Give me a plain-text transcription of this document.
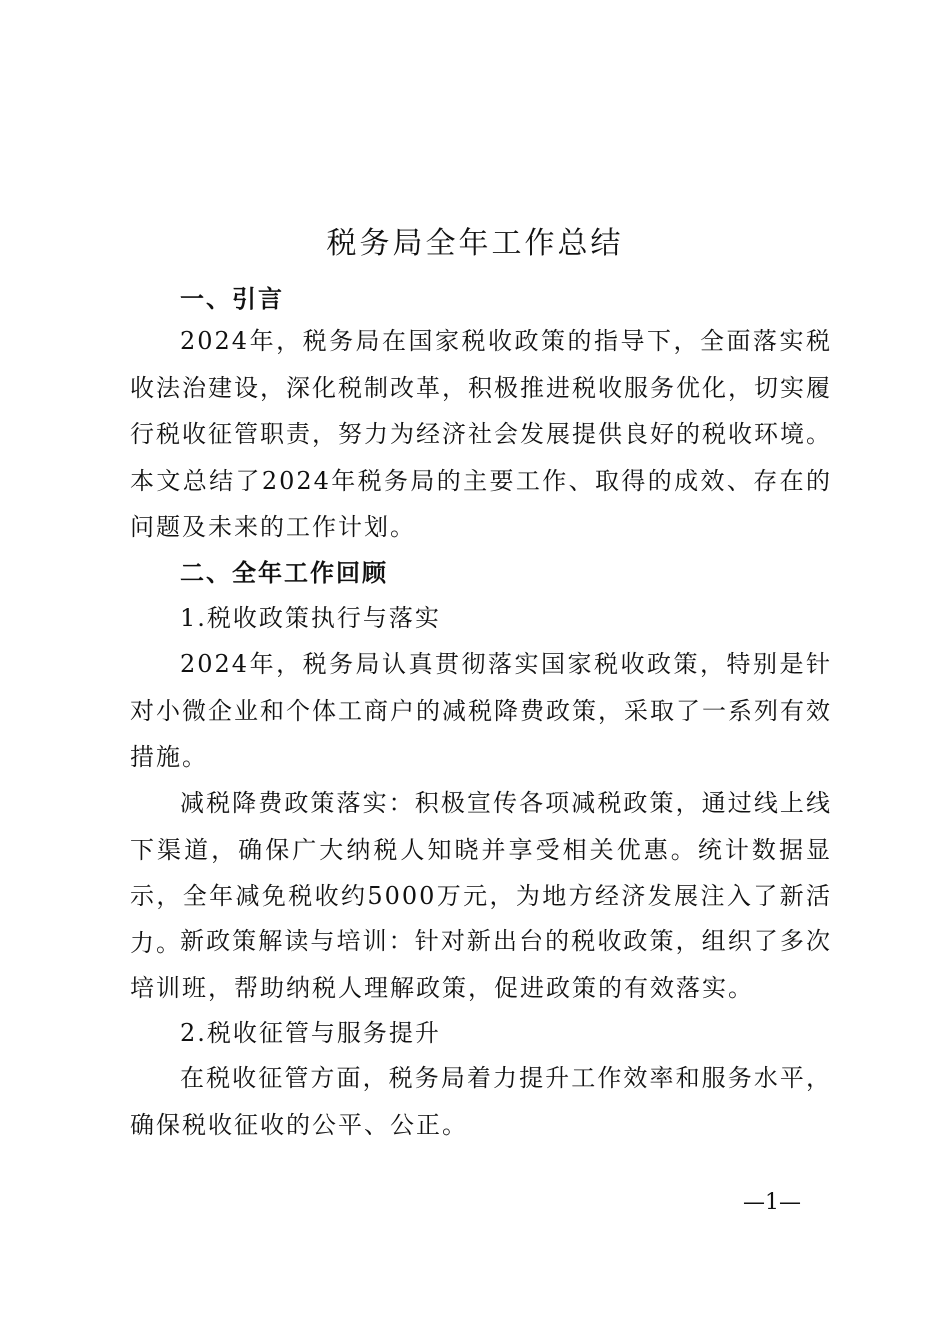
税务局全年工作总结

一、引言

2024年，税务局在国家税收政策的指导下，全面落实税收法治建设，深化税制改革，积极推进税收服务优化，切实履行税收征管职责，努力为经济社会发展提供良好的税收环境。本文总结了2024年税务局的主要工作、取得的成效、存在的问题及未来的工作计划。

二、全年工作回顾

1.税收政策执行与落实

2024年，税务局认真贯彻落实国家税收政策，特别是针对小微企业和个体工商户的减税降费政策，采取了一系列有效措施。

减税降费政策落实：积极宣传各项减税政策，通过线上线下渠道，确保广大纳税人知晓并享受相关优惠。统计数据显示，全年减免税收约5000万元，为地方经济发展注入了新活力。

新政策解读与培训：针对新出台的税收政策，组织了多次培训班，帮助纳税人理解政策，促进政策的有效落实。

2.税收征管与服务提升

在税收征管方面，税务局着力提升工作效率和服务水平，确保税收征收的公平、公正。

—1—
